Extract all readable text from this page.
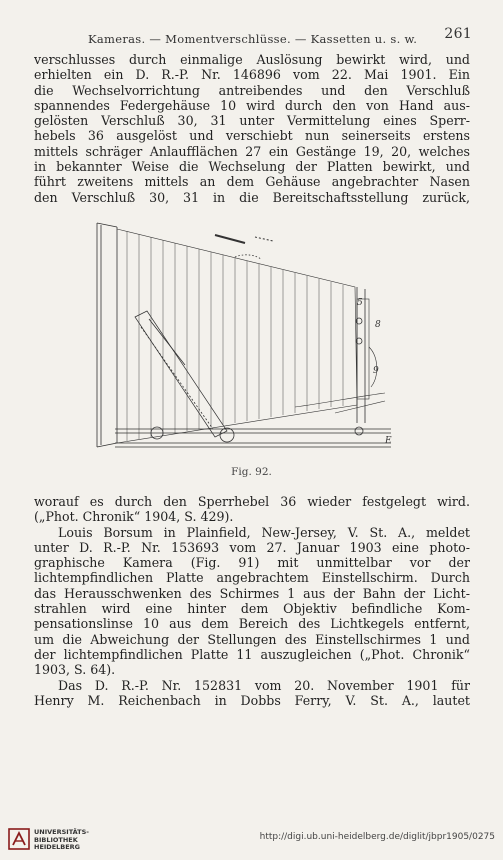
Kameras. — Momentverschlüsse. — Kassetten u. s. w. 261
verschlusses durch einmalige Auslösung bewirkt wird, und
erhielten ein D. R.-P. Nr. 146896 vom 22. Mai 1901. Ein
die Wechselvorrichtung antreibendes und den Verschluß
spannendes Federgehäuse 10 wird durch den von Hand aus-
gelösten Verschluß 30, 31 unter Vermittelung eines Sperr-
hebels 36 ausgelöst und verschiebt nun seinerseits erstens
mittels schräger Anlaufflächen 27 ein Gestänge 19, 20, welches
in bekannter Weise die Wechselung der Platten bewirkt, und
führt zweitens mittels an dem Gehäuse angebrachter Nasen
den Verschluß 30, 31 in die Bereitschaftsstellung zurück,
5
9
8
E
Fig. 92.
worauf es durch den Sperrhebel 36 wieder festgelegt wird.
(„Phot. Chronik“ 1904, S. 429).
Louis Borsum in Plainfield, New-Jersey, V. St. A., meldet
unter D. R.-P. Nr. 153693 vom 27. Januar 1903 eine photo-
graphische Kamera (Fig. 91) mit unmittelbar vor der
lichtempfindlichen Platte angebrachtem Einstellschirm. Durch
das Herausschwenken des Schirmes 1 aus der Bahn der Licht-
strahlen wird eine hinter dem Objektiv befindliche Kom-
pensationslinse 10 aus dem Bereich des Lichtkegels entfernt,
um die Abweichung der Stellungen des Einstellschirmes 1 und
der lichtempfindlichen Platte 11 auszugleichen („Phot. Chronik“
1903, S. 64).
Das D. R.-P. Nr. 152831 vom 20. November 1901 für
Henry M. Reichenbach in Dobbs Ferry, V. St. A., lautet
UNIVERSITÄTS-
BIBLIOTHEK
HEIDELBERG
http://digi.ub.uni-heidelberg.de/diglit/jbpr1905/0275
